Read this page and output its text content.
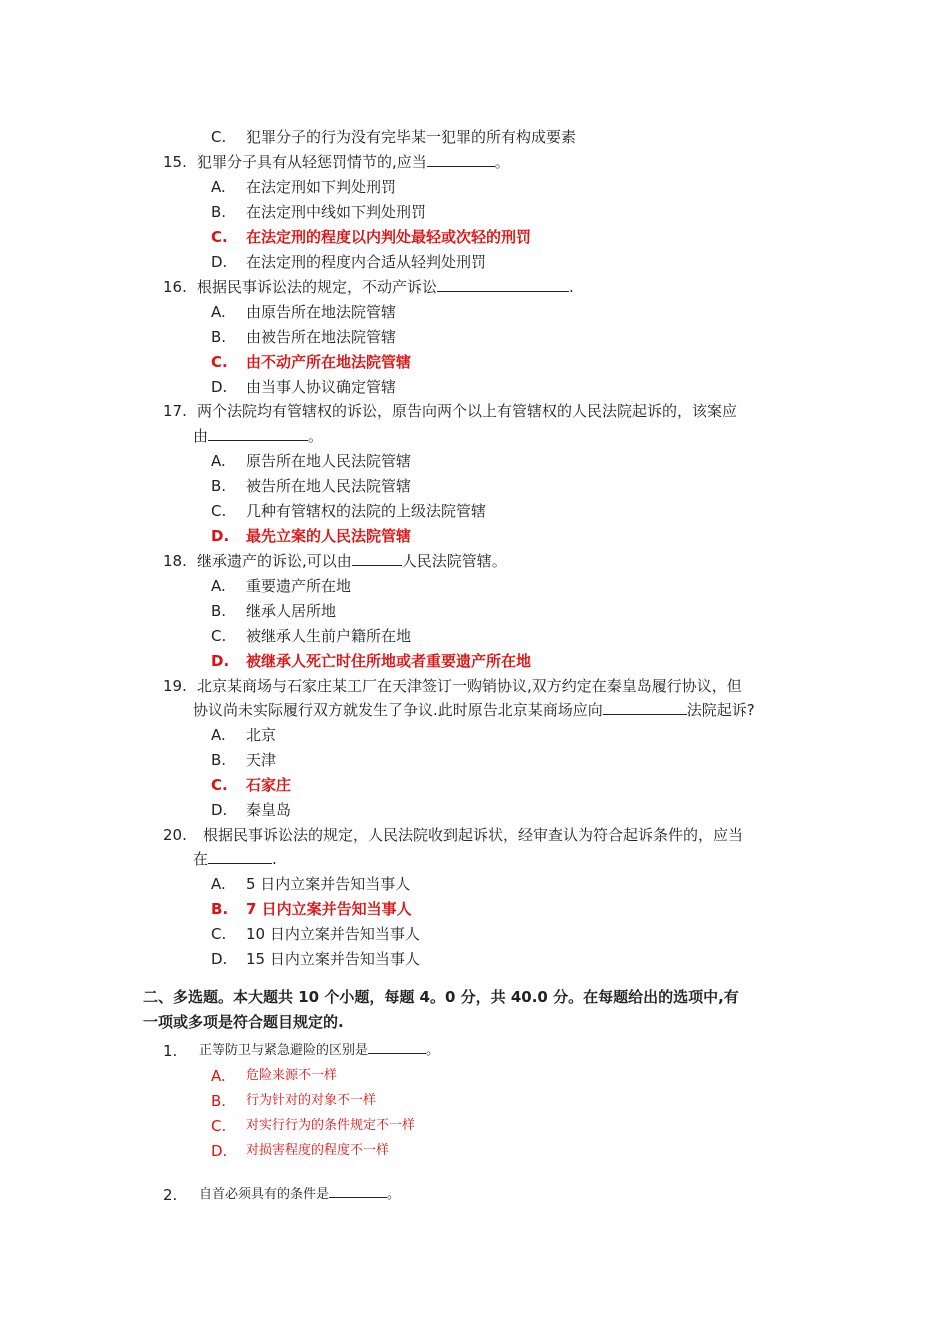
C. 犯罪分子的行为没有完毕某一犯罪的所有构成要素
15. 犯罪分子具有从轻惩罚情节的,应当	。
A. 在法定刑如下判处刑罚
B. 在法定刑中线如下判处刑罚
C. 在法定刑的程度以内判处最轻或次轻的刑罚
D. 在法定刑的程度内合适从轻判处刑罚
16. 根据民事诉讼法的规定，不动产诉讼	.
A. 由原告所在地法院管辖
B. 由被告所在地法院管辖
C. 由不动产所在地法院管辖
D. 由当事人协议确定管辖
17. 两个法院均有管辖权的诉讼，原告向两个以上有管辖权的人民法院起诉的，该案应
由	。
A. 原告所在地人民法院管辖
B. 被告所在地人民法院管辖
C. 几种有管辖权的法院的上级法院管辖
D. 最先立案的人民法院管辖
18. 继承遗产的诉讼,可以由	人民法院管辖。
A. 重要遗产所在地
B. 继承人居所地
C. 被继承人生前户籍所在地
D. 被继承人死亡时住所地或者重要遗产所在地
19. 北京某商场与石家庄某工厂在天津签订一购销协议,双方约定在秦皇岛履行协议，但
协议尚未实际履行双方就发生了争议.此时原告北京某商场应向	法院起诉?
A. 北京
B. 天津
C. 石家庄
D. 秦皇岛
20. 根据民事诉讼法的规定，人民法院收到起诉状，经审查认为符合起诉条件的，应当
在	.
A. 5 日内立案并告知当事人
B. 7 日内立案并告知当事人
C. 10 日内立案并告知当事人
D. 15 日内立案并告知当事人
二、多选题。本大题共 10 个小题，每题 4。0 分，共 40.0 分。在每题给出的选项中,有
一项或多项是符合题目规定的.
1. 正等防卫与紧急避险的区别是	。
A. 危险来源不一样
B. 行为针对的对象不一样
C. 对实行行为的条件规定不一样
D. 对损害程度的程度不一样
2. 自首必须具有的条件是	。
